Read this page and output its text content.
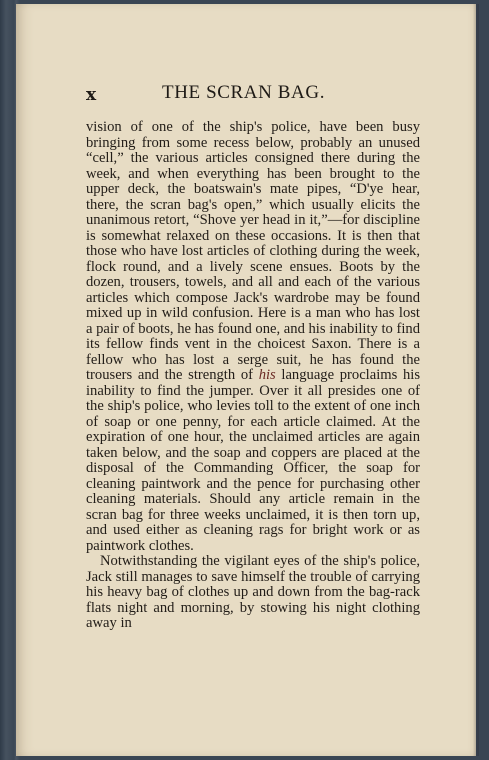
x	THE SCRAN BAG.

vision of one of the ship's police, have been busy bringing from some recess below, probably an unused “cell,” the various articles consigned there during the week, and when everything has been brought to the upper deck, the boatswain's mate pipes, “D'ye hear, there, the scran bag's open,” which usually elicits the unanimous retort, “Shove yer head in it,”—for discipline is somewhat relaxed on these occasions. It is then that those who have lost articles of clothing during the week, flock round, and a lively scene ensues. Boots by the dozen, trousers, towels, and all and each of the various articles which compose Jack's wardrobe may be found mixed up in wild confusion. Here is a man who has lost a pair of boots, he has found one, and his inability to find its fellow finds vent in the choicest Saxon. There is a fellow who has lost a serge suit, he has found the trousers and the strength of his language proclaims his inability to find the jumper. Over it all presides one of the ship's police, who levies toll to the extent of one inch of soap or one penny, for each article claimed. At the expiration of one hour, the unclaimed articles are again taken below, and the soap and coppers are placed at the disposal of the Commanding Officer, the soap for cleaning paintwork and the pence for purchasing other cleaning materials. Should any article remain in the scran bag for three weeks unclaimed, it is then torn up, and used either as cleaning rags for bright work or as paintwork clothes.

Notwithstanding the vigilant eyes of the ship's police, Jack still manages to save himself the trouble of carrying his heavy bag of clothes up and down from the bag-rack flats night and morning, by stowing his night clothing away in
